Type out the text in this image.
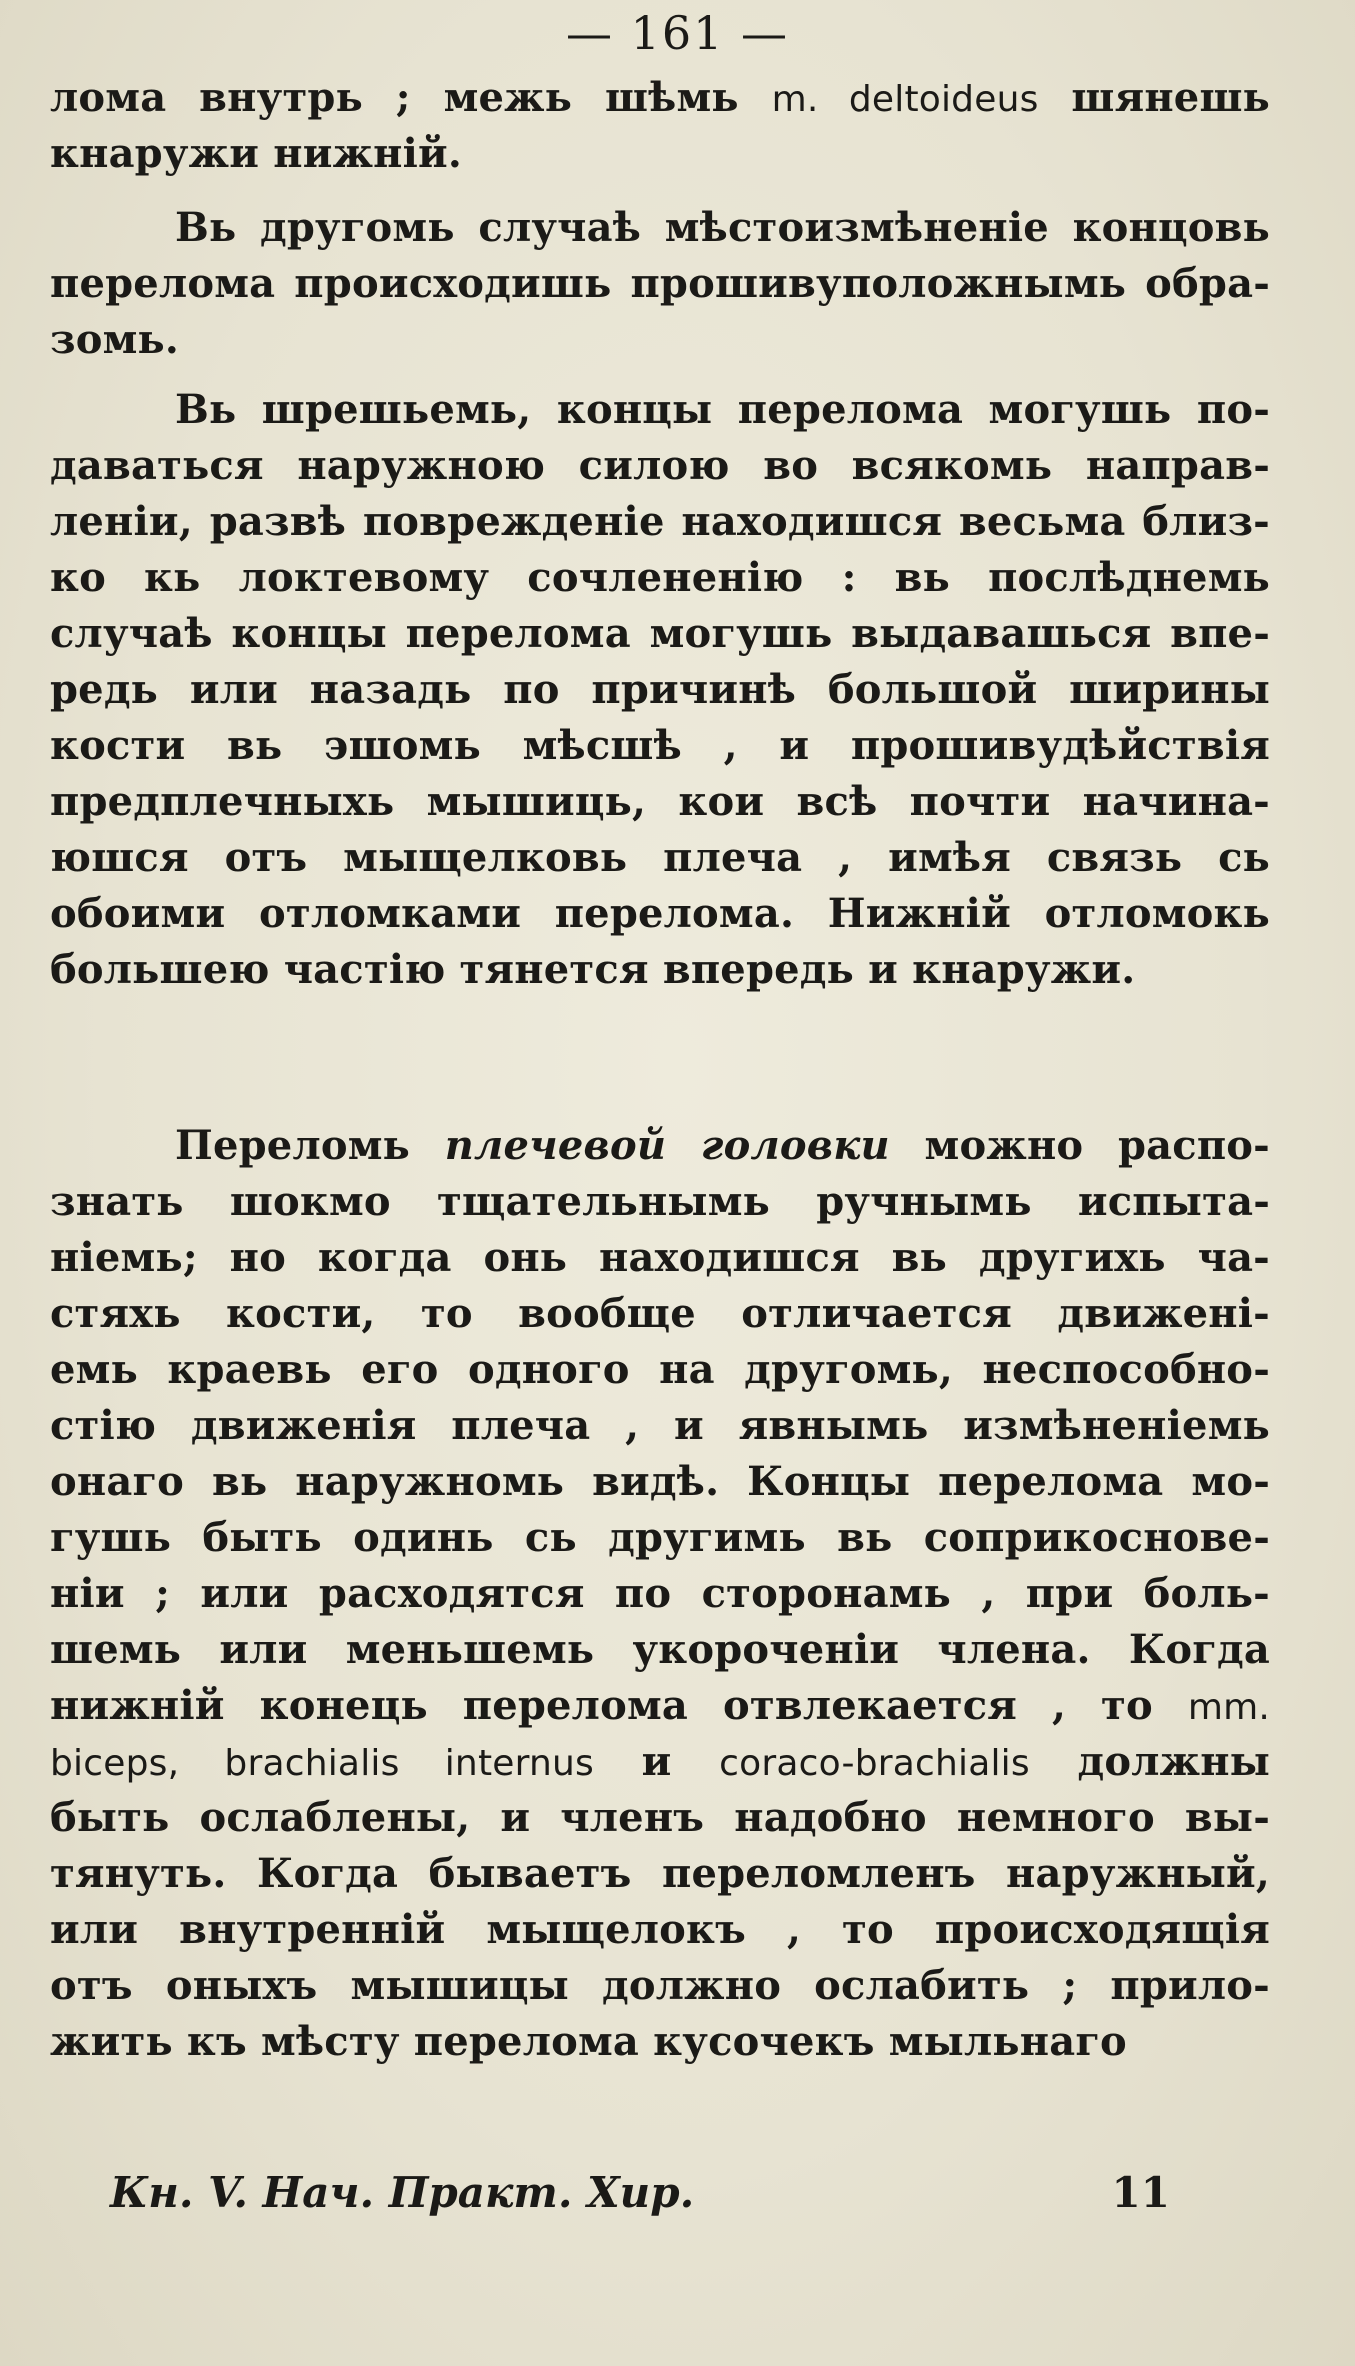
— 161 —
лома внутрь ; межь шѣмь m. deltoideus шянешь
кнаружи нижній.
Вь другомь случаѣ мѣстоизмѣненіе концовь
перелома происходишь прошивуположнымь обра-
зомь.
Вь шрешьемь, концы перелома могушь по-
даваться наружною силою во всякомь направ-
леніи, развѣ поврежденіе находишся весьма близ-
ко кь локтевому сочлененію : вь послѣднемь
случаѣ концы перелома могушь выдавашься впе-
редь или назадь по причинѣ большой ширины
кости вь эшомь мѣсшѣ , и прошивудѣйствія
предплечныхь мышиць, кои всѣ почти начина-
юшся отъ мыщелковь плеча , имѣя связь сь
обоими отломками перелома. Нижній отломокь
большею частію тянется впередь и кнаружи.
Переломь плечевой головки можно распо-
знать шокмо тщательнымь ручнымь испыта-
ніемь; но когда онь находишся вь другихь ча-
стяхь кости, то вообще отличается движені-
емь краевь его одного на другомь, неспособно-
стію движенія плеча , и явнымь измѣненіемь
онаго вь наружномь видѣ. Концы перелома мо-
гушь быть одинь сь другимь вь соприкоснове-
ніи ; или расходятся по сторонамь , при боль-
шемь или меньшемь укороченіи члена. Когда
нижній конець перелома отвлекается , то mm.
biceps, brachialis internus и coraco-brachialis должны
быть ослаблены, и членъ надобно немного вы-
тянуть. Когда бываетъ переломленъ наружный,
или внутренній мыщелокъ , то происходящія
отъ оныхъ мышицы должно ослабить ; прило-
жить къ мѣсту перелома кусочекъ мыльнаго
Кн. V. Нач. Практ. Хир.	11
